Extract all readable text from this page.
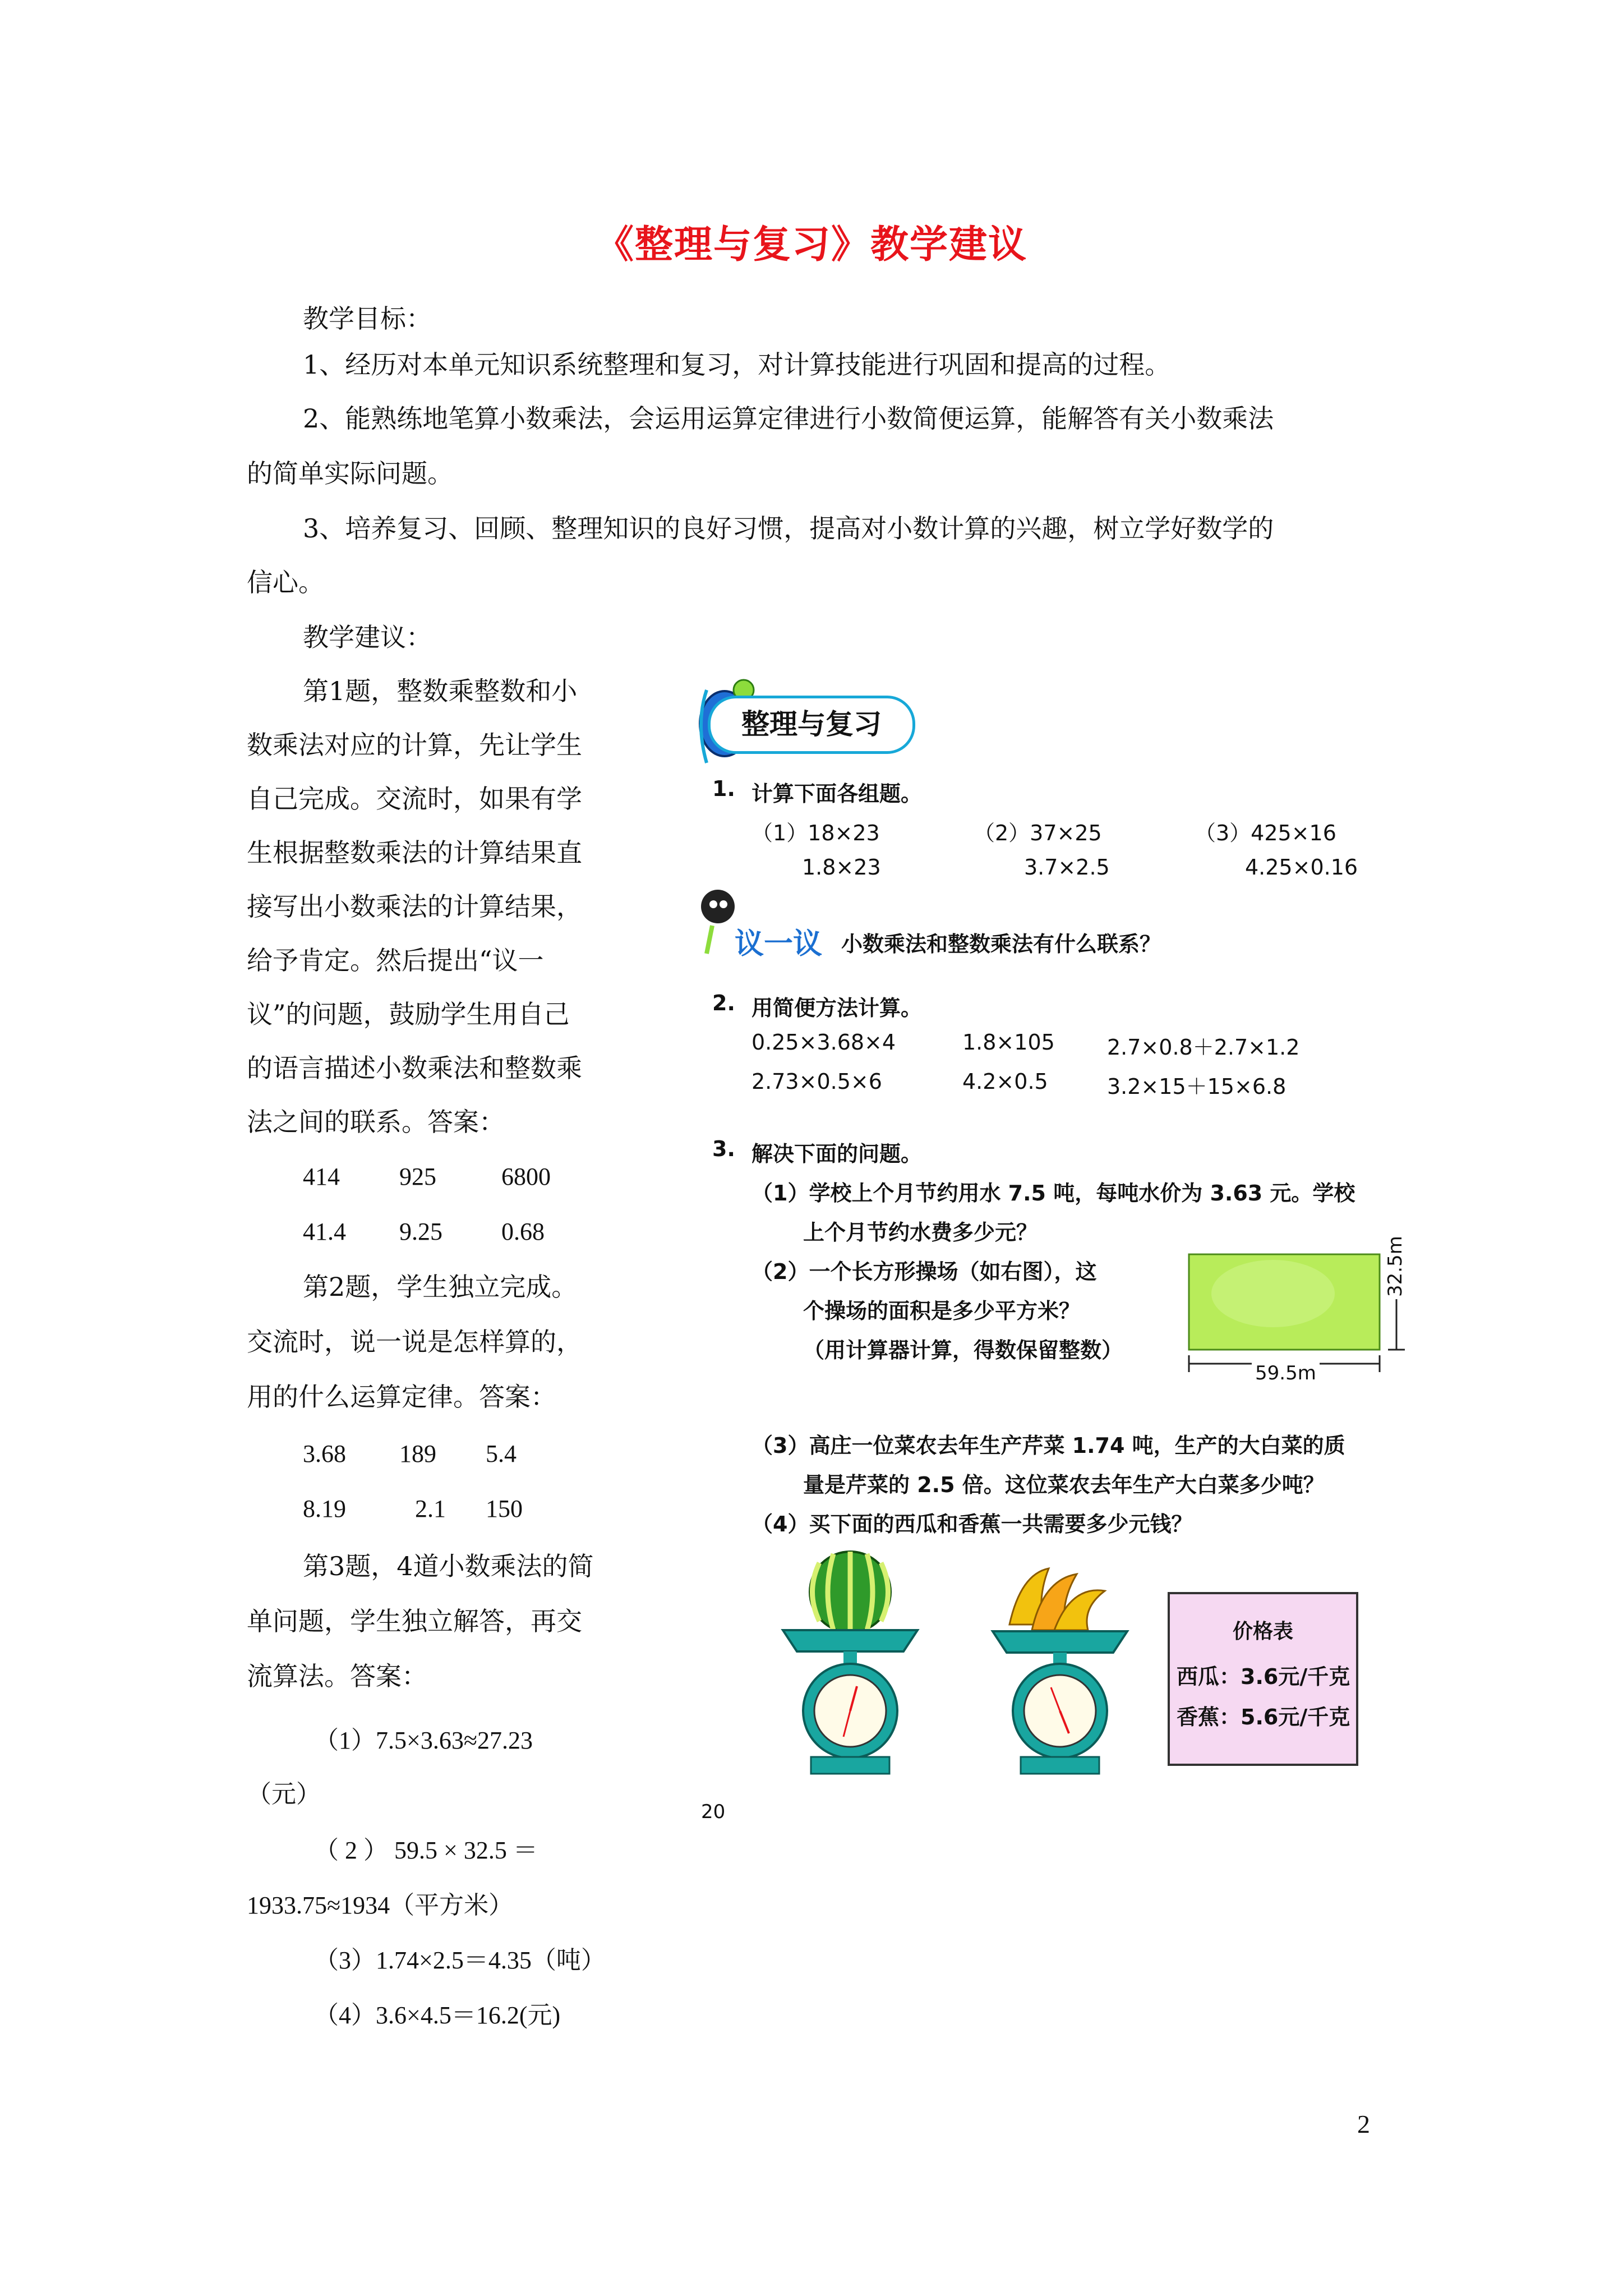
《整理与复习》教学建议
教学目标：
1、经历对本单元知识系统整理和复习，对计算技能进行巩固和提高的过程。
2、能熟练地笔算小数乘法，会运用运算定律进行小数简便运算，能解答有关小数乘法
的简单实际问题。
3、培养复习、回顾、整理知识的良好习惯，提高对小数计算的兴趣，树立学好数学的
信心。
教学建议：
第1题，整数乘整数和小
数乘法对应的计算，先让学生
自己完成。交流时，如果有学
生根据整数乘法的计算结果直
接写出小数乘法的计算结果，
给予肯定。然后提出“议一
议”的问题，鼓励学生用自己
的语言描述小数乘法和整数乘
法之间的联系。答案：
414 925	6800
41.4 9.25 0.68
第2题，学生独立完成。
交流时，说一说是怎样算的，
用的什么运算定律。答案：
3.68 189 5.4
8.19	2.1 150
第3题，4道小数乘法的简
单问题，学生独立解答，再交
流算法。答案：
（1）7.5×3.63≈27.23
（元）
（ 2 ） 59.5 × 32.5 ＝
1933.75≈1934（平方米）
（3）1.74×2.5＝4.35（吨）
（4）3.6×4.5＝16.2(元)
整理与复习
1. 计算下面各组题。
（1）18×23	（2）37×25	（3）425×16
1.8×23	3.7×2.5	4.25×0.16
议一议 小数乘法和整数乘法有什么联系？
2. 用简便方法计算。
0.25×3.68×4	1.8×105 2.7×0.8＋2.7×1.2
2.73×0.5×6	4.2×0.5	3.2×15＋15×6.8
3. 解决下面的问题。
（1）学校上个月节约用水 7.5 吨，每吨水价为 3.63 元。学校
上个月节约水费多少元？
（2）一个长方形操场（如右图），这
个操场的面积是多少平方米？
（用计算器计算，得数保留整数）
59.5m
32.5m
（3）高庄一位菜农去年生产芹菜 1.74 吨，生产的大白菜的质
量是芹菜的 2.5 倍。这位菜农去年生产大白菜多少吨？
（4）买下面的西瓜和香蕉一共需要多少元钱？
价格表
西瓜：3.6元/千克
香蕉：5.6元/千克
20
2
